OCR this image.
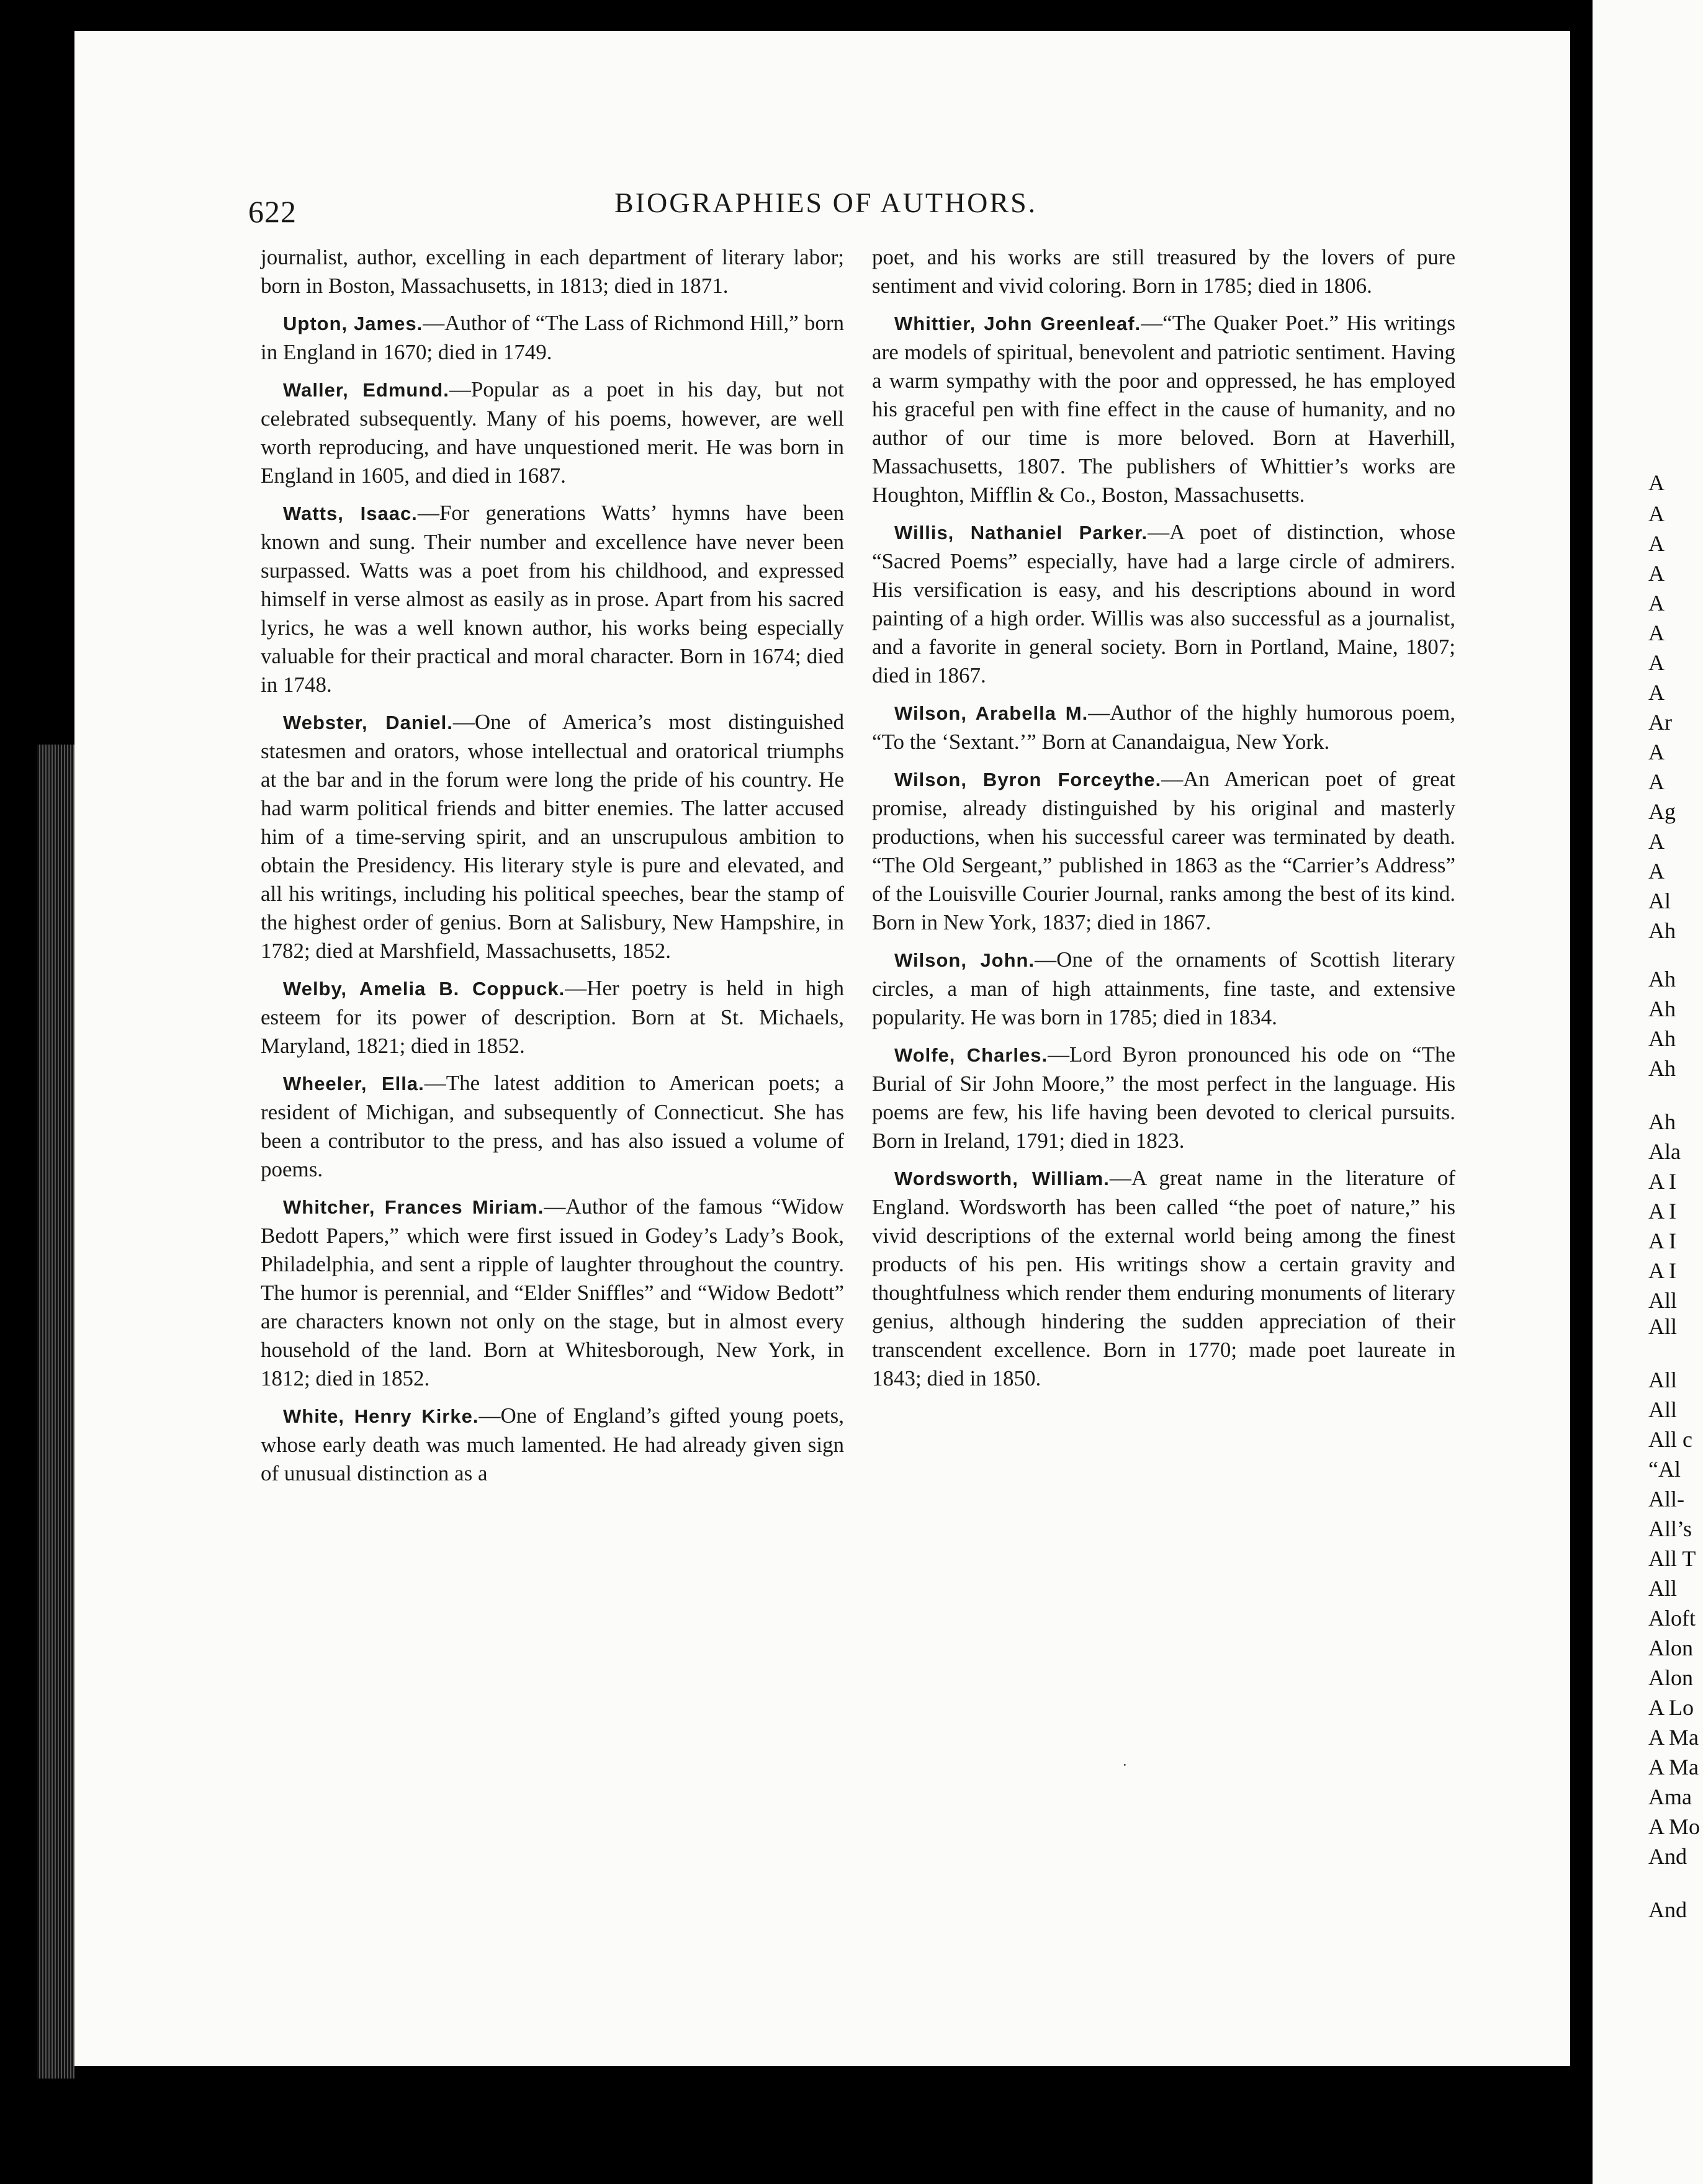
622	BIOGRAPHIES OF AUTHORS.

journalist, author, excelling in each department of literary labor; born in Boston, Massachusetts, in 1813; died in 1871.

Upton, James.—Author of “The Lass of Richmond Hill,” born in England in 1670; died in 1749.

Waller, Edmund.—Popular as a poet in his day, but not celebrated subsequently. Many of his poems, however, are well worth reproducing, and have unquestioned merit. He was born in England in 1605, and died in 1687.

Watts, Isaac.—For generations Watts’ hymns have been known and sung. Their number and excellence have never been surpassed. Watts was a poet from his childhood, and expressed himself in verse almost as easily as in prose. Apart from his sacred lyrics, he was a well known author, his works being especially valuable for their practical and moral character. Born in 1674; died in 1748.

Webster, Daniel.—One of America’s most distinguished statesmen and orators, whose intellectual and oratorical triumphs at the bar and in the forum were long the pride of his country. He had warm political friends and bitter enemies. The latter accused him of a time-serving spirit, and an unscrupulous ambition to obtain the Presidency. His literary style is pure and elevated, and all his writings, including his political speeches, bear the stamp of the highest order of genius. Born at Salisbury, New Hampshire, in 1782; died at Marshfield, Massachusetts, 1852.

Welby, Amelia B. Coppuck.—Her poetry is held in high esteem for its power of description. Born at St. Michaels, Maryland, 1821; died in 1852.

Wheeler, Ella.—The latest addition to American poets; a resident of Michigan, and subsequently of Connecticut. She has been a contributor to the press, and has also issued a volume of poems.

Whitcher, Frances Miriam.—Author of the famous “Widow Bedott Papers,” which were first issued in Godey’s Lady’s Book, Philadelphia, and sent a ripple of laughter throughout the country. The humor is perennial, and “Elder Sniffles” and “Widow Bedott” are characters known not only on the stage, but in almost every household of the land. Born at Whitesborough, New York, in 1812; died in 1852.

White, Henry Kirke.—One of England’s gifted young poets, whose early death was much lamented. He had already given sign of unusual distinction as a

poet, and his works are still treasured by the lovers of pure sentiment and vivid coloring. Born in 1785; died in 1806.

Whittier, John Greenleaf.—“The Quaker Poet.” His writings are models of spiritual, benevolent and patriotic sentiment. Having a warm sympathy with the poor and oppressed, he has employed his graceful pen with fine effect in the cause of humanity, and no author of our time is more beloved. Born at Haverhill, Massachusetts, 1807. The publishers of Whittier’s works are Houghton, Mifflin & Co., Boston, Massachusetts.

Willis, Nathaniel Parker.—A poet of distinction, whose “Sacred Poems” especially, have had a large circle of admirers. His versification is easy, and his descriptions abound in word painting of a high order. Willis was also successful as a journalist, and a favorite in general society. Born in Portland, Maine, 1807; died in 1867.

Wilson, Arabella M.—Author of the highly humorous poem, “To the ‘Sextant.’” Born at Canandaigua, New York.

Wilson, Byron Forceythe.—An American poet of great promise, already distinguished by his original and masterly productions, when his successful career was terminated by death. “The Old Sergeant,” published in 1863 as the “Carrier’s Address” of the Louisville Courier Journal, ranks among the best of its kind. Born in New York, 1837; died in 1867.

Wilson, John.—One of the ornaments of Scottish literary circles, a man of high attainments, fine taste, and extensive popularity. He was born in 1785; died in 1834.

Wolfe, Charles.—Lord Byron pronounced his ode on “The Burial of Sir John Moore,” the most perfect in the language. His poems are few, his life having been devoted to clerical pursuits. Born in Ireland, 1791; died in 1823.

Wordsworth, William.—A great name in the literature of England. Wordsworth has been called “the poet of nature,” his vivid descriptions of the external world being among the finest products of his pen. His writings show a certain gravity and thoughtfulness which render them enduring monuments of literary genius, although hindering the sudden appreciation of their transcendent excellence. Born in 1770; made poet laureate in 1843; died in 1850.

·
A
A
A
A
A
A
A
A
Ar
A
A
Ag
A
A
Al
Ah
Ah
Ah
Ah
Ah
Ah
Ala
A I
A I
A I
A I
All
All
All
All
All c
“Al
All-
All’s
All T
All
Aloft
Alon
Alon
A Lo
A Ma
A Ma
Ama
A Mo
And
And
